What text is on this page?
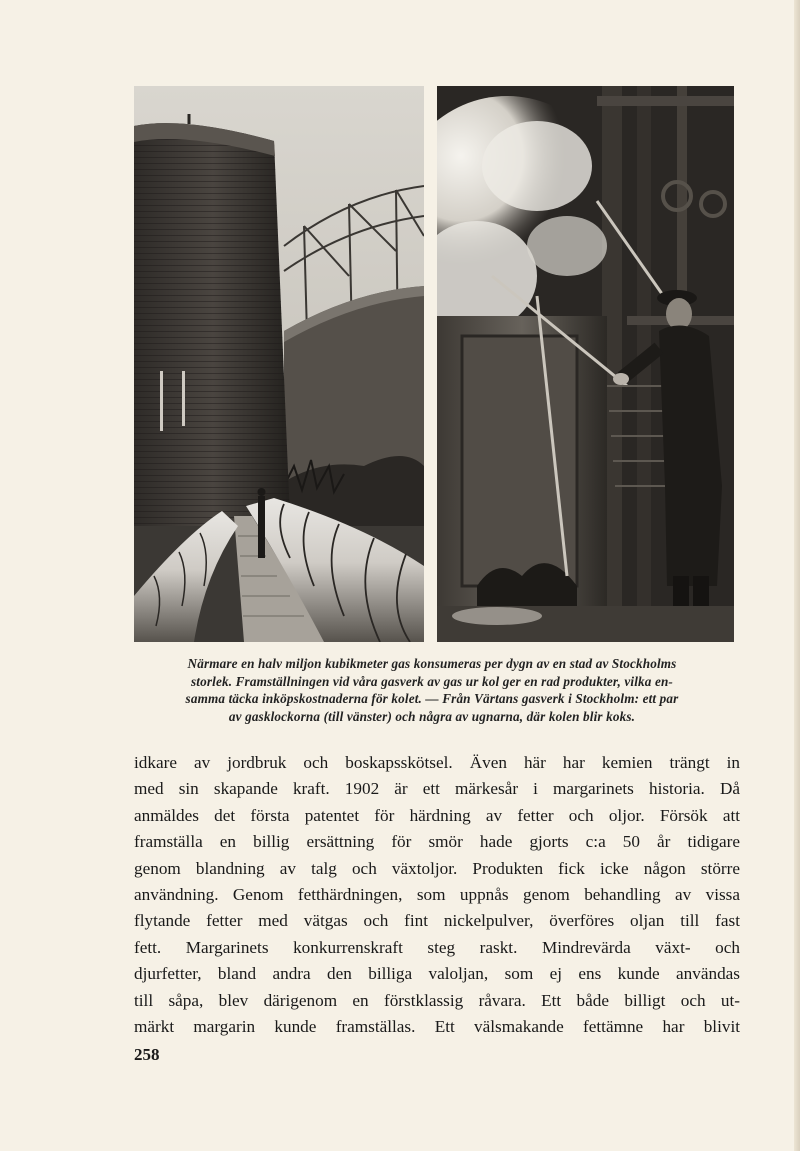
Närmare en halv miljon kubikmeter gas konsumeras per dygn av en stad av Stockholms
storlek. Framställningen vid våra gasverk av gas ur kol ger en rad produkter, vilka en-
samma täcka inköpskostnaderna för kolet. — Från Värtans gasverk i Stockholm: ett par
av gasklockorna (till vänster) och några av ugnarna, där kolen blir koks.
idkare av jordbruk och boskapsskötsel. Även här har kemien trängt in
med sin skapande kraft. 1902 är ett märkesår i margarinets historia. Då
anmäldes det första patentet för härdning av fetter och oljor. Försök att
framställa en billig ersättning för smör hade gjorts c:a 50 år tidigare
genom blandning av talg och växtoljor. Produkten fick icke någon större
användning. Genom fetthärdningen, som uppnås genom behandling av vissa
flytande fetter med vätgas och fint nickelpulver, överföres oljan till fast
fett. Margarinets konkurrenskraft steg raskt. Mindrevärda växt- och
djurfetter, bland andra den billiga valoljan, som ej ens kunde användas
till såpa, blev därigenom en förstklassig råvara. Ett både billigt och ut-
märkt margarin kunde framställas. Ett välsmakande fettämne har blivit
258
